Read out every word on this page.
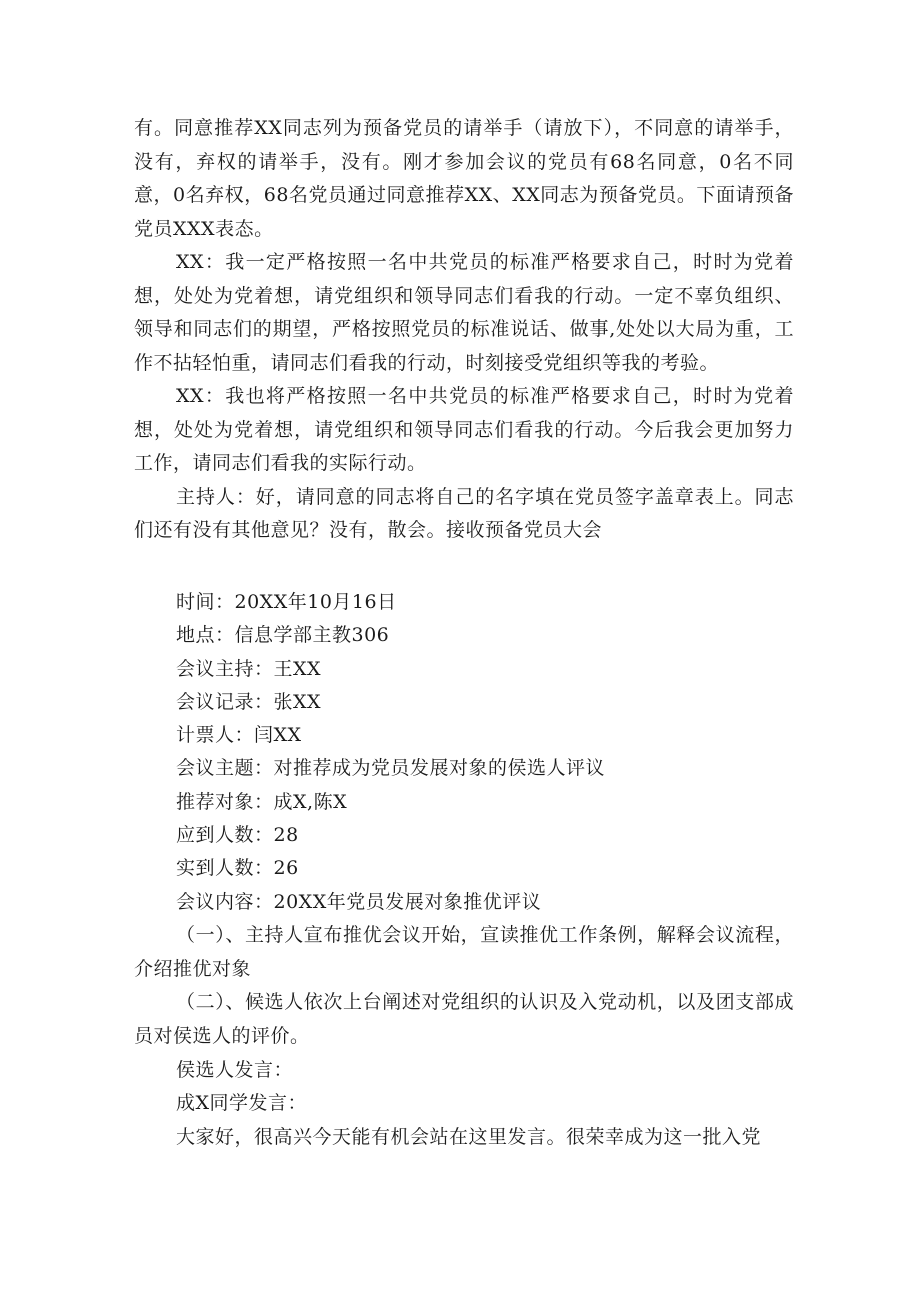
有。同意推荐XX同志列为预备党员的请举手（请放下），不同意的请举手，没有，弃权的请举手，没有。刚才参加会议的党员有68名同意，0名不同意，0名弃权，68名党员通过同意推荐XX、XX同志为预备党员。下面请预备党员XXX表态。

XX：我一定严格按照一名中共党员的标准严格要求自己，时时为党着想，处处为党着想，请党组织和领导同志们看我的行动。一定不辜负组织、领导和同志们的期望，严格按照党员的标准说话、做事,处处以大局为重，工作不拈轻怕重，请同志们看我的行动，时刻接受党组织等我的考验。

XX：我也将严格按照一名中共党员的标准严格要求自己，时时为党着想，处处为党着想，请党组织和领导同志们看我的行动。今后我会更加努力工作，请同志们看我的实际行动。

主持人：好，请同意的同志将自己的名字填在党员签字盖章表上。同志们还有没有其他意见？没有，散会。接收预备党员大会

时间：20XX年10月16日

地点：信息学部主教306

会议主持：王XX

会议记录：张XX

计票人：闫XX

会议主题：对推荐成为党员发展对象的侯选人评议

推荐对象：成X,陈X

应到人数：28

实到人数：26

会议内容：20XX年党员发展对象推优评议

（一）、主持人宣布推优会议开始，宣读推优工作条例，解释会议流程，介绍推优对象

（二）、候选人依次上台阐述对党组织的认识及入党动机，以及团支部成员对侯选人的评价。

侯选人发言：

成X同学发言：

大家好，很高兴今天能有机会站在这里发言。很荣幸成为这一批入党
